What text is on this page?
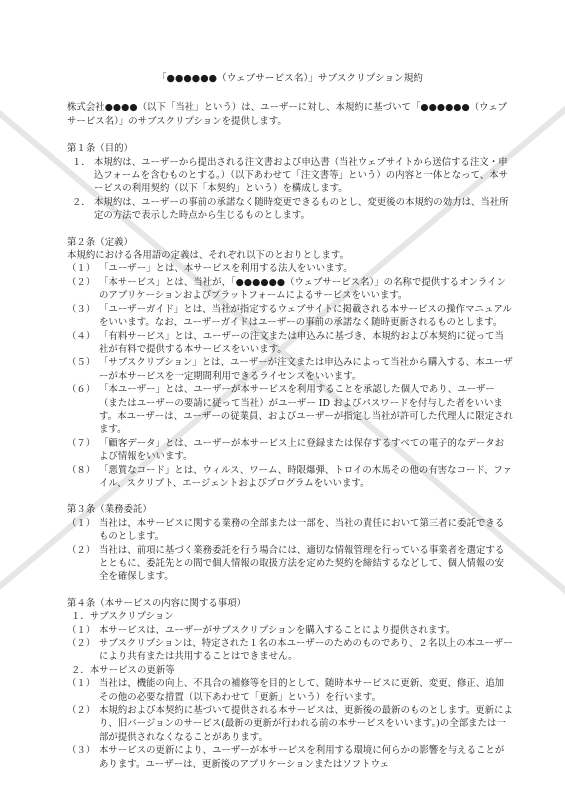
「●●●●●●（ウェブサービス名）」サブスクリプション規約

株式会社●●●●（以下「当社」という）は、ユーザーに対し、本規約に基づいて「●●●●●●（ウェブサービス名）」のサブスクリプションを提供します。

第１条（目的）

１． 本規約は、ユーザーから提出される注文書および申込書（当社ウェブサイトから送信する注文・申込フォームを含むものとする。）（以下あわせて「注文書等」という）の内容と一体となって、本サービスの利用契約（以下「本契約」という）を構成します。
２． 本規約は、ユーザーの事前の承諾なく随時変更できるものとし、変更後の本規約の効力は、当社所定の方法で表示した時点から生じるものとします。

第２条（定義）

本規約における各用語の定義は、それぞれ以下のとおりとします。

（１） 「ユーザー」とは、本サービスを利用する法人をいいます。
（２） 「本サービス」とは、当社が、「●●●●●●（ウェブサービス名）」の名称で提供するオンラインのアプリケーションおよびプラットフォームによるサービスをいいます。
（３） 「ユーザーガイド」とは、当社が指定するウェブサイトに掲載される本サービスの操作マニュアルをいいます。なお、ユーザーガイドはユーザーの事前の承諾なく随時更新されるものとします。
（４） 「有料サービス」とは、ユーザーの注文または申込みに基づき、本規約および本契約に従って当社が有料で提供する本サービスをいいます。
（５） 「サブスクリプション」とは、ユーザーが注文または申込みによって当社から購入する、本ユーザーが本サービスを一定期間利用できるライセンスをいいます。
（６） 「本ユーザー」とは、ユーザーが本サービスを利用することを承認した個人であり、ユーザー（またはユーザーの要請に従って当社）がユーザー ID およびパスワードを付与した者をいいます。本ユーザーは、ユーザーの従業員、およびユーザーが指定し当社が許可した代理人に限定されます。
（７） 「顧客データ」とは、ユーザーが本サービス上に登録または保存するすべての電子的なデータおよび情報をいいます。
（８） 「悪質なコード」とは、ウィルス、ワーム、時限爆弾、トロイの木馬その他の有害なコード、ファイル、スクリプト、エージェントおよびプログラムをいいます。

第３条（業務委託）

（１） 当社は、本サービスに関する業務の全部または一部を、当社の責任において第三者に委託できるものとします。
（２） 当社は、前項に基づく業務委託を行う場合には、適切な情報管理を行っている事業者を選定するとともに、委託先との間で個人情報の取扱方法を定めた契約を締結するなどして、個人情報の安全を確保します。

第４条（本サービスの内容に関する事項）

１．サブスクリプション

（１） 本サービスは、ユーザーがサブスクリプションを購入することにより提供されます。
（２） サブスクリプションは、特定された１名の本ユーザーのためのものであり、２名以上の本ユーザーにより共有または共用することはできません。

２．本サービスの更新等

（１） 当社は、機能の向上、不具合の補修等を目的として、随時本サービスに更新、変更、修正、追加その他の必要な措置（以下あわせて「更新」という）を行います。
（２） 本規約および本契約に基づいて提供される本サービスは、更新後の最新のものとします。更新により、旧バージョンのサービス(最新の更新が行われる前の本サービスをいいます。)の全部または一部が提供されなくなることがあります。
（３） 本サービスの更新により、ユーザーが本サービスを利用する環境に何らかの影響を与えることがあります。ユーザーは、更新後のアプリケーションまたはソフトウェ
